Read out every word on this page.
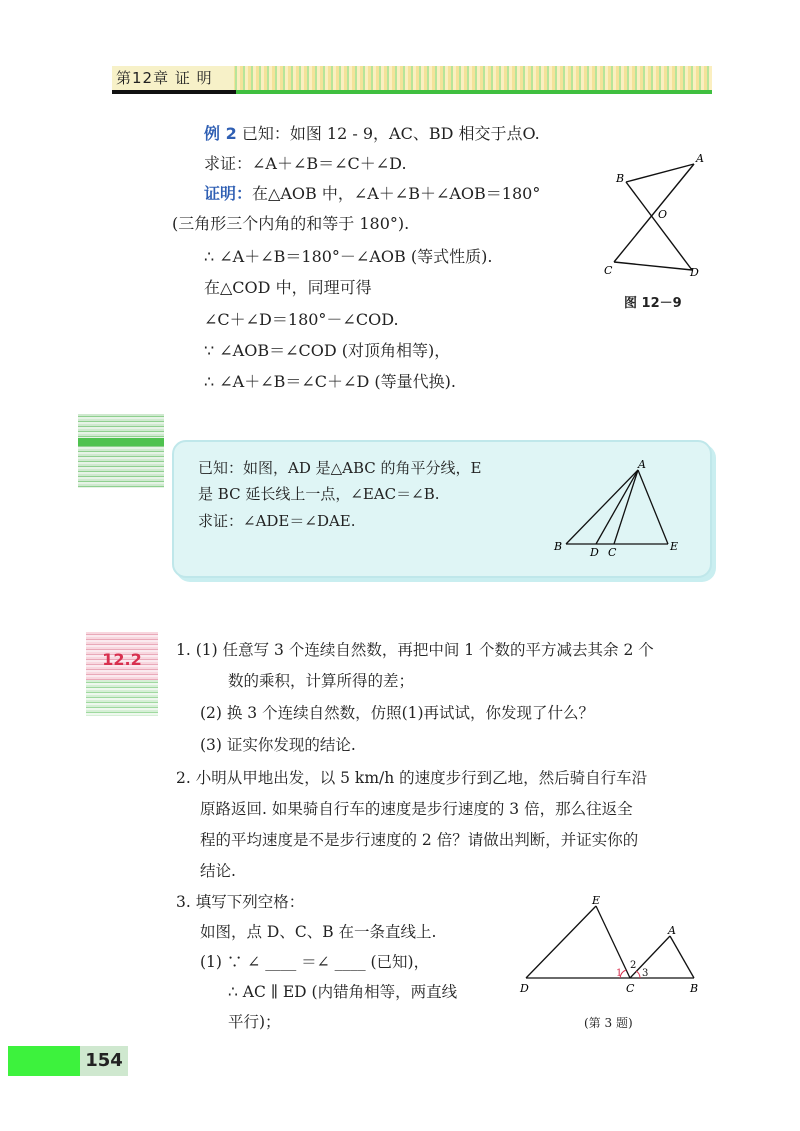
第12章 证 明
例 2 已知：如图 12 - 9，AC、BD 相交于点O.
求证：∠A＋∠B＝∠C＋∠D.
证明：在△AOB 中，∠A＋∠B＋∠AOB＝180°
(三角形三个内角的和等于 180°).
∴ ∠A＋∠B＝180°－∠AOB (等式性质).
在△COD 中，同理可得
∠C＋∠D＝180°－∠COD.
∵ ∠AOB＝∠COD (对顶角相等)，
∴ ∠A＋∠B＝∠C＋∠D (等量代换).
A
B
O
C	D
图 12－9
已知：如图，AD 是△ABC 的角平分线，E
是 BC 延长线上一点，∠EAC＝∠B.
求证：∠ADE＝∠DAE.
A
B	D C	E
12.2	1. (1) 任意写 3 个连续自然数，再把中间 1 个数的平方减去其余 2 个
数的乘积，计算所得的差；
(2) 换 3 个连续自然数，仿照(1)再试试，你发现了什么？
(3) 证实你发现的结论.
2. 小明从甲地出发，以 5 km/h 的速度步行到乙地，然后骑自行车沿
原路返回. 如果骑自行车的速度是步行速度的 3 倍，那么往返全
程的平均速度是不是步行速度的 2 倍？请做出判断，并证实你的
结论.
3. 填写下列空格：
如图，点 D、C、B 在一条直线上.
(1) ∵ ∠ ____ ＝∠ ____ (已知)，
∴ AC ∥ ED (内错角相等，两直线
平行)；
E
A
D	C	B
1
2
3
(第 3 题)
154
